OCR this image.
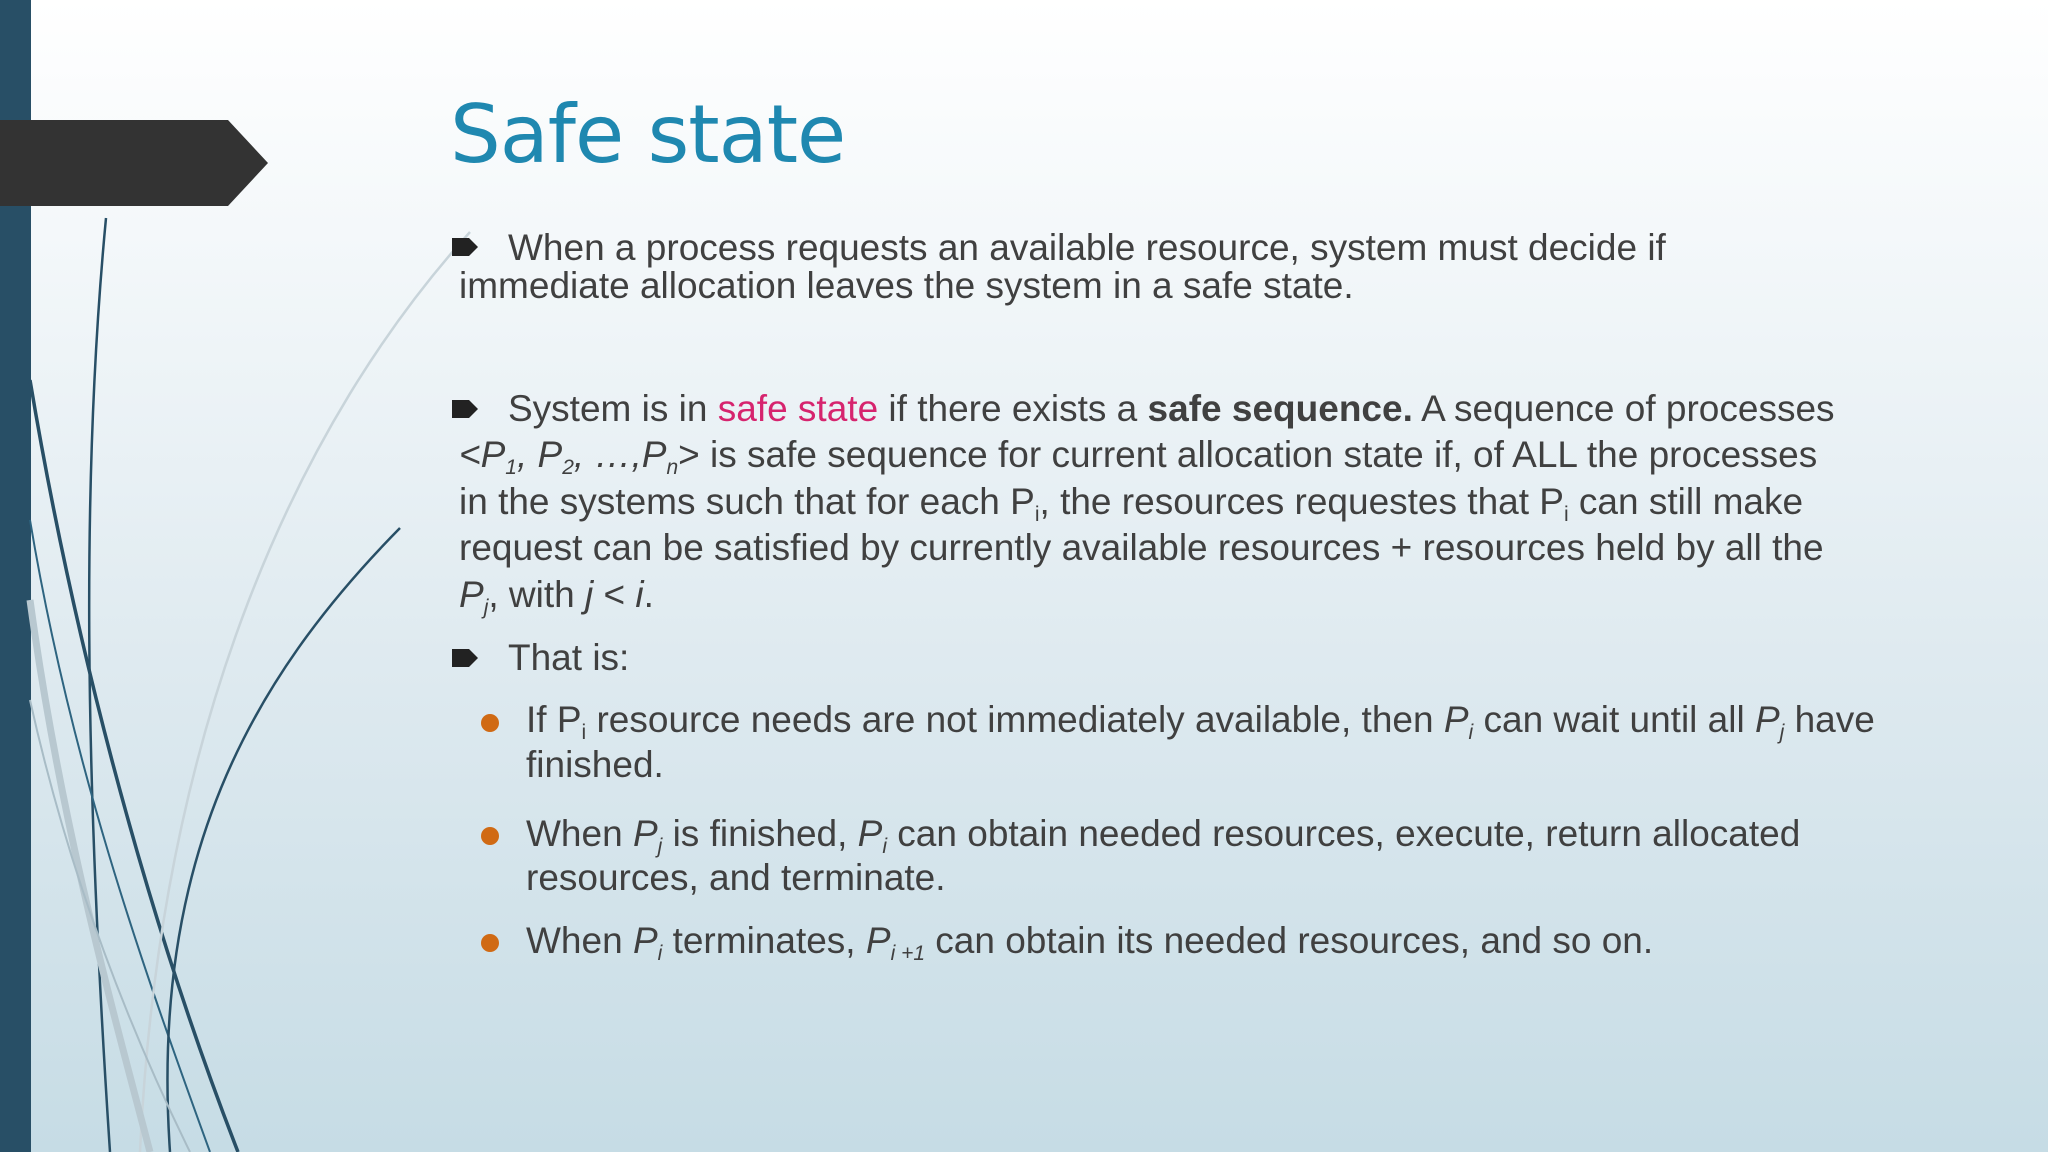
Safe state
When a process requests an available resource, system must decide if
immediate allocation leaves the system in a safe state.
System is in safe state if there exists a safe sequence. A sequence of processes
$<P_1$, $P_2$, $\dots,P_n>$ is safe sequence for current allocation state if, of ALL the processes
in the systems such that for each $P_i$, the resources requestes that $P_i$ can still make
request can be satisfied by currently available resources + resources held by all the
$P_j$, with j < i.
That is:
If $P_i$ resource needs are not immediately available, then $P_i$ can wait until all $P_j$ have
finished.
When $P_j$ is finished, $P_i$ can obtain needed resources, execute, return allocated
resources, and terminate.
When $P_i$ terminates, $P_{i +1}$ can obtain its needed resources, and so on.
